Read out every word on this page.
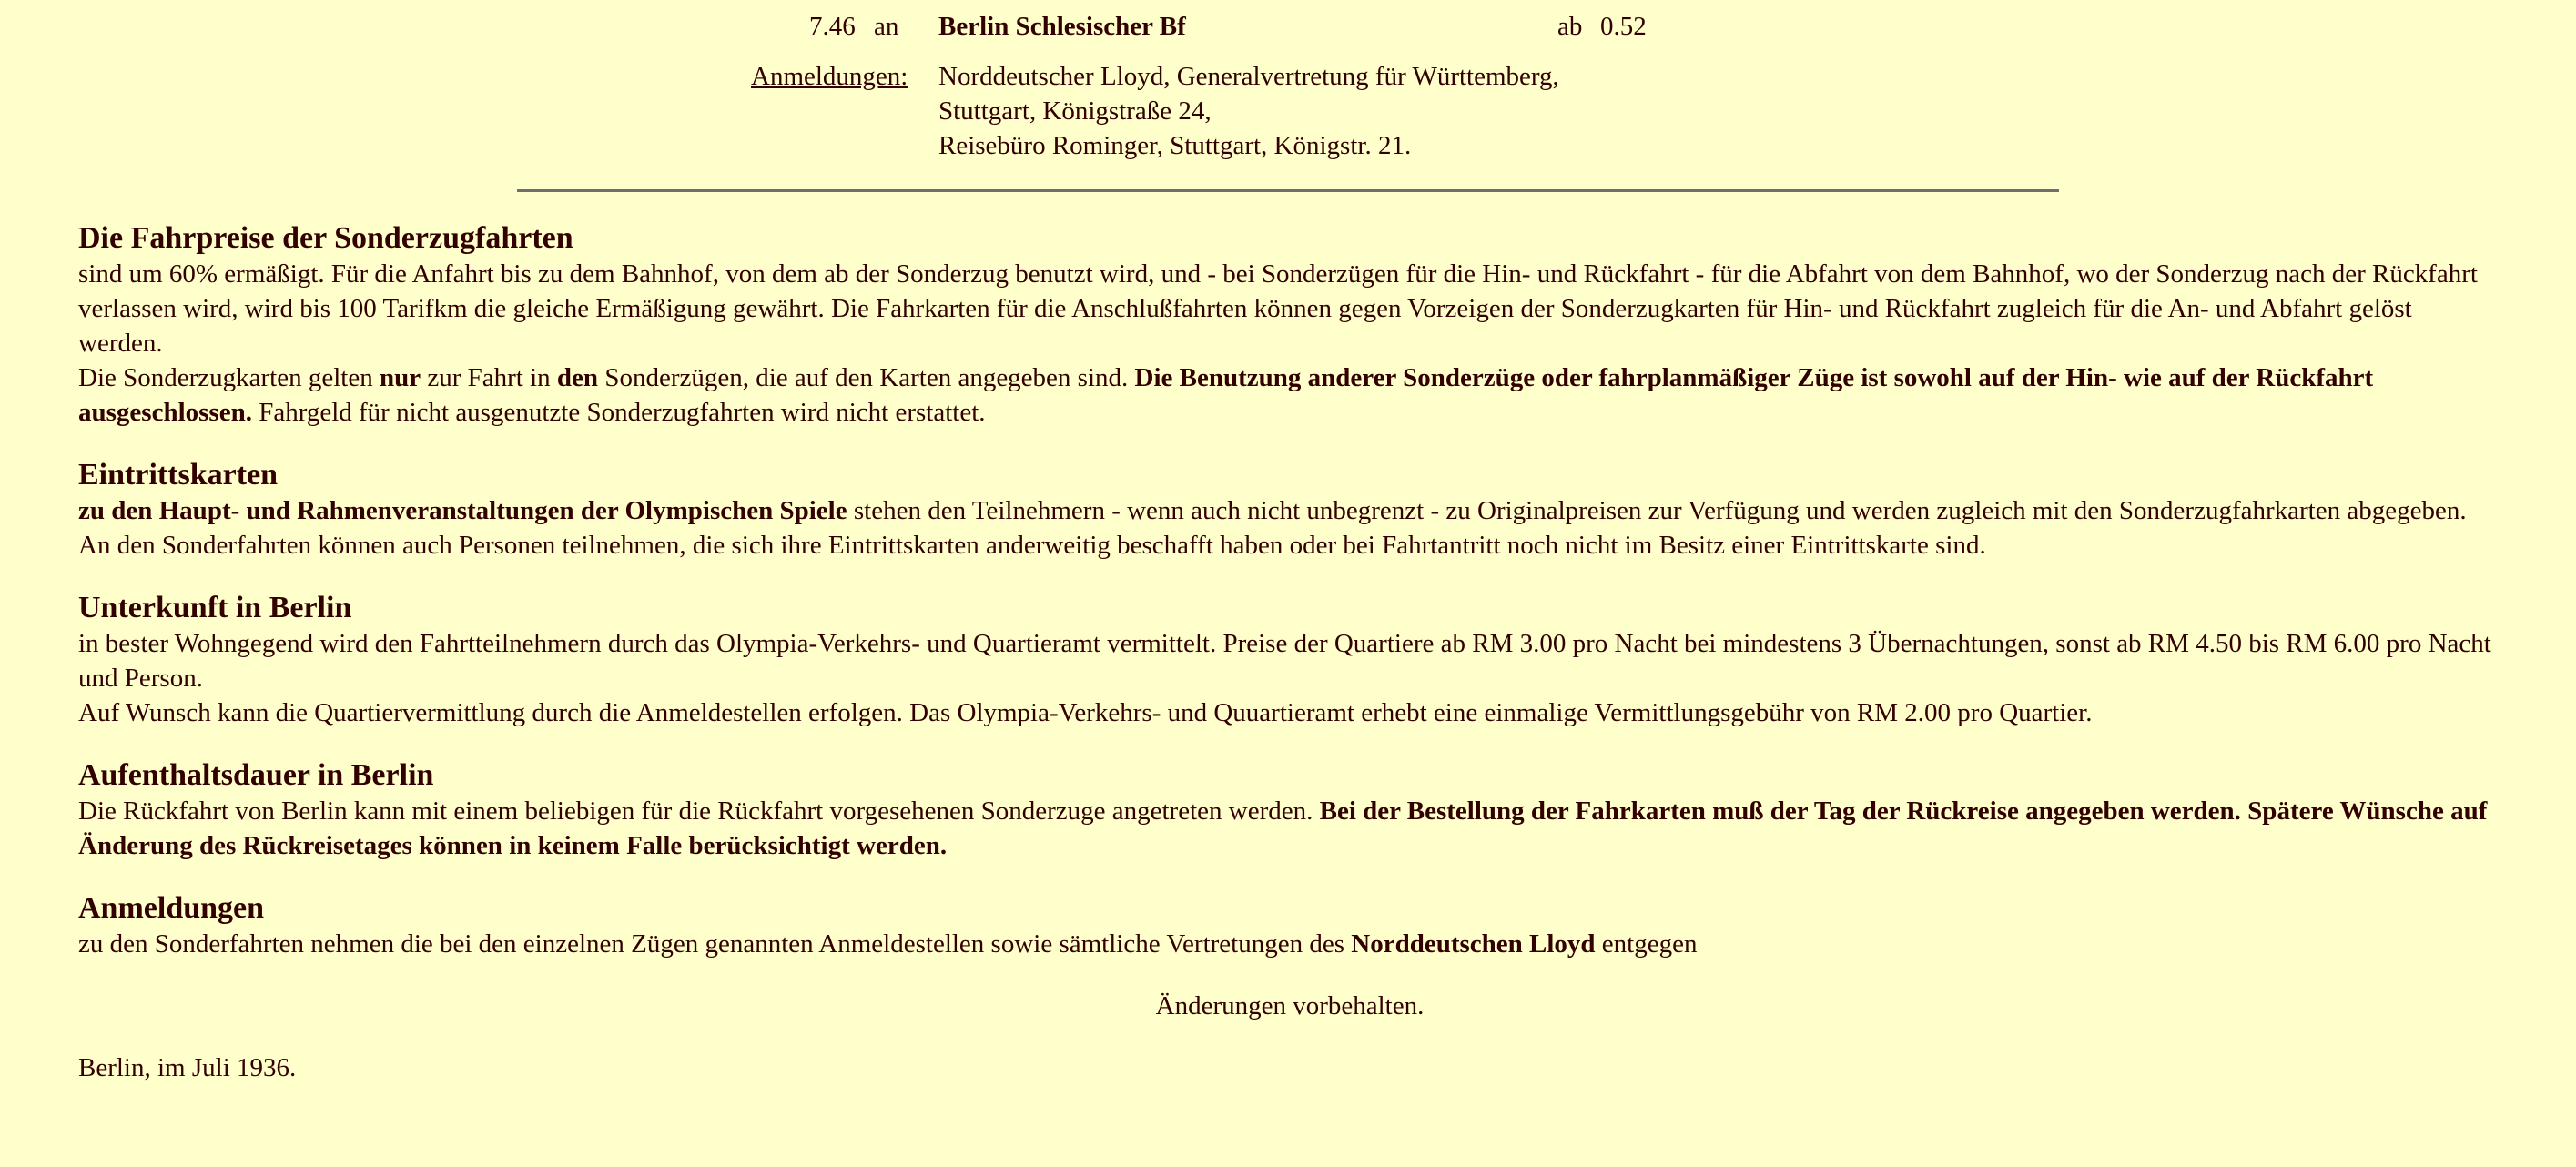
7.46 an Berlin Schlesischer Bf	ab 0.52
Anmeldungen: Norddeutscher Lloyd, Generalvertretung für Württemberg,
Stuttgart, Königstraße 24,
Reisebüro Rominger, Stuttgart, Königstr. 21.
Die Fahrpreise der Sonderzugfahrten

sind um 60% ermäßigt. Für die Anfahrt bis zu dem Bahnhof, von dem ab der Sonderzug benutzt wird, und - bei Sonderzügen für die Hin- und Rückfahrt - für die Abfahrt von dem Bahnhof, wo der Sonderzug nach der Rückfahrt verlassen wird, wird bis 100 Tarifkm die gleiche Ermäßigung gewährt. Die Fahrkarten für die Anschlußfahrten können gegen Vorzeigen der Sonderzugkarten für Hin- und Rückfahrt zugleich für die An- und Abfahrt gelöst werden.

Die Sonderzugkarten gelten nur zur Fahrt in den Sonderzügen, die auf den Karten angegeben sind. Die Benutzung anderer Sonderzüge oder fahrplanmäßiger Züge ist sowohl auf der Hin- wie auf der Rückfahrt ausgeschlossen. Fahrgeld für nicht ausgenutzte Sonderzugfahrten wird nicht erstattet.

Eintrittskarten

zu den Haupt- und Rahmenveranstaltungen der Olympischen Spiele stehen den Teilnehmern - wenn auch nicht unbegrenzt - zu Originalpreisen zur Verfügung und werden zugleich mit den Sonderzugfahrkarten abgegeben. An den Sonderfahrten können auch Personen teilnehmen, die sich ihre Eintrittskarten anderweitig beschafft haben oder bei Fahrtantritt noch nicht im Besitz einer Eintrittskarte sind.

Unterkunft in Berlin

in bester Wohngegend wird den Fahrtteilnehmern durch das Olympia-Verkehrs- und Quartieramt vermittelt. Preise der Quartiere ab RM 3.00 pro Nacht bei mindestens 3 Übernachtungen, sonst ab RM 4.50 bis RM 6.00 pro Nacht und Person.

Auf Wunsch kann die Quartiervermittlung durch die Anmeldestellen erfolgen. Das Olympia-Verkehrs- und Quuartieramt erhebt eine einmalige Vermittlungsgebühr von RM 2.00 pro Quartier.

Aufenthaltsdauer in Berlin

Die Rückfahrt von Berlin kann mit einem beliebigen für die Rückfahrt vorgesehenen Sonderzuge angetreten werden. Bei der Bestellung der Fahrkarten muß der Tag der Rückreise angegeben werden. Spätere Wünsche auf Änderung des Rückreisetages können in keinem Falle berücksichtigt werden.

Anmeldungen

zu den Sonderfahrten nehmen die bei den einzelnen Zügen genannten Anmeldestellen sowie sämtliche Vertretungen des Norddeutschen Lloyd entgegen

Änderungen vorbehalten.

Berlin, im Juli 1936.
